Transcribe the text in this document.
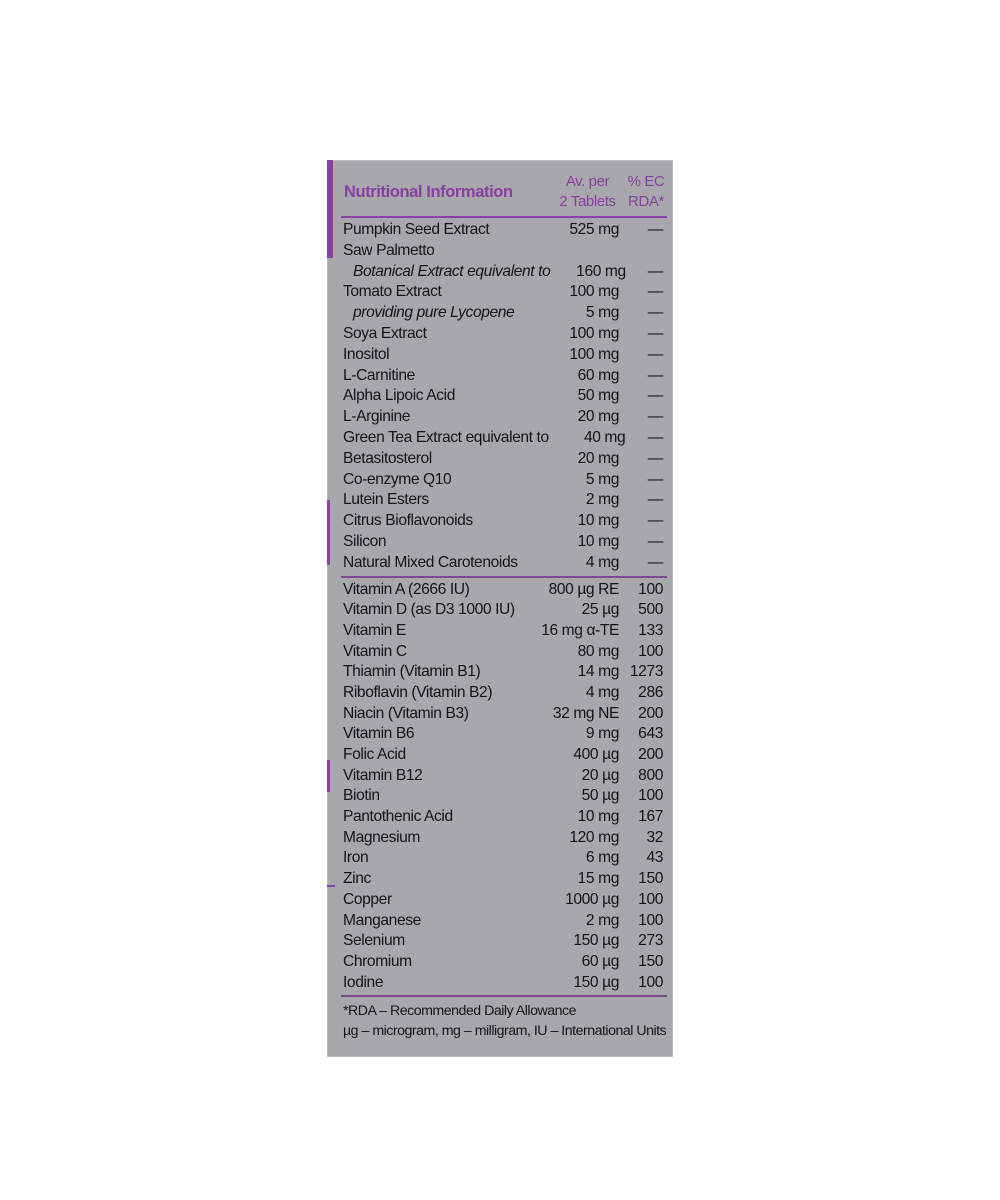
Nutritional Information
Av. per
2 Tablets
% EC
RDA*
Pumpkin Seed Extract	525 mg	—
Saw Palmetto
Botanical Extract equivalent to	160 mg	—
Tomato Extract	100 mg	—
providing pure Lycopene	5 mg	—
Soya Extract	100 mg	—
Inositol	100 mg	—
L-Carnitine	60 mg	—
Alpha Lipoic Acid	50 mg	—
L-Arginine	20 mg	—
Green Tea Extract equivalent to	40 mg	—
Betasitosterol	20 mg	—
Co-enzyme Q10	5 mg	—
Lutein Esters	2 mg	—
Citrus Bioflavonoids	10 mg	—
Silicon	10 mg	—
Natural Mixed Carotenoids	4 mg	—
Vitamin A (2666 IU)	800 µg RE	100
Vitamin D (as D3 1000 IU)	25 µg	500
Vitamin E	16 mg α-TE	133
Vitamin C	80 mg	100
Thiamin (Vitamin B1)	14 mg 1273
Riboflavin (Vitamin B2)	4 mg	286
Niacin (Vitamin B3)	32 mg NE	200
Vitamin B6	9 mg	643
Folic Acid	400 µg	200
Vitamin B12	20 µg	800
Biotin	50 µg	100
Pantothenic Acid	10 mg	167
Magnesium	120 mg	32
Iron	6 mg	43
Zinc	15 mg	150
Copper	1000 µg	100
Manganese	2 mg	100
Selenium	150 µg	273
Chromium	60 µg	150
Iodine	150 µg	100
*RDA – Recommended Daily Allowance
µg – microgram, mg – milligram, IU – International Units
